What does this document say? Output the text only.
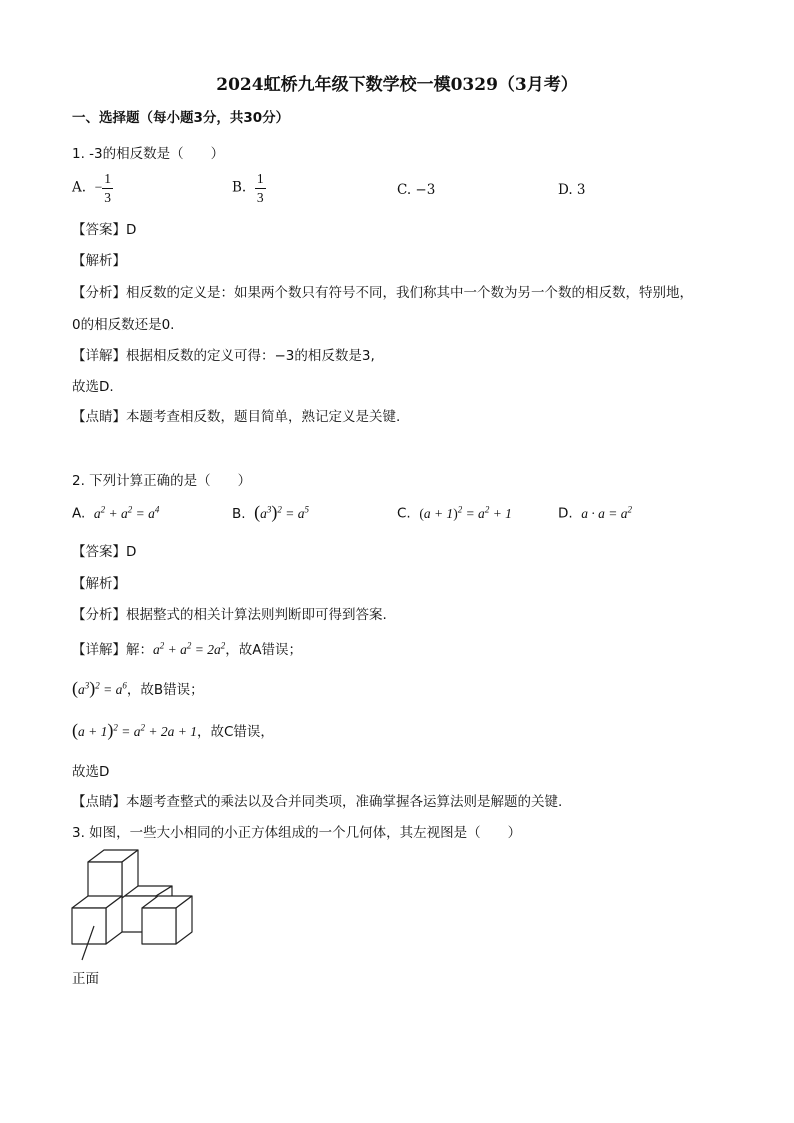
2024虹桥九年级下数学校一模0329（3月考）
一、选择题（每小题3分，共30分）
1. -3的相反数是（　　）
A. − $\frac{1}{3}$	B. $\frac{1}{3}$	C. −3	D. 3
【答案】D
【解析】
【分析】相反数的定义是：如果两个数只有符号不同，我们称其中一个数为另一个数的相反数，特别地，
0的相反数还是0.
【详解】根据相反数的定义可得：−3的相反数是3,
故选D.
【点睛】本题考查相反数，题目简单，熟记定义是关键.
2. 下列计算正确的是（　　）
A. $a^2 + a^2 = a^4$	B. $(a^3)^2 = a^5$	C. $(a + 1)^2 = a^2 + 1$	D. $a \cdot a = a^2$
【答案】D
【解析】
【分析】根据整式的相关计算法则判断即可得到答案.
【详解】解：$a^2 + a^2 = 2a^2$，故A错误；
$(a^3)^2 = a^6$，故B错误；
$(a + 1)^2 = a^2 + 2a + 1$，故C错误，
故选D
【点睛】本题考查整式的乘法以及合并同类项，准确掌握各运算法则是解题的关键.
3. 如图，一些大小相同的小正方体组成的一个几何体，其左视图是（　　）
正面
